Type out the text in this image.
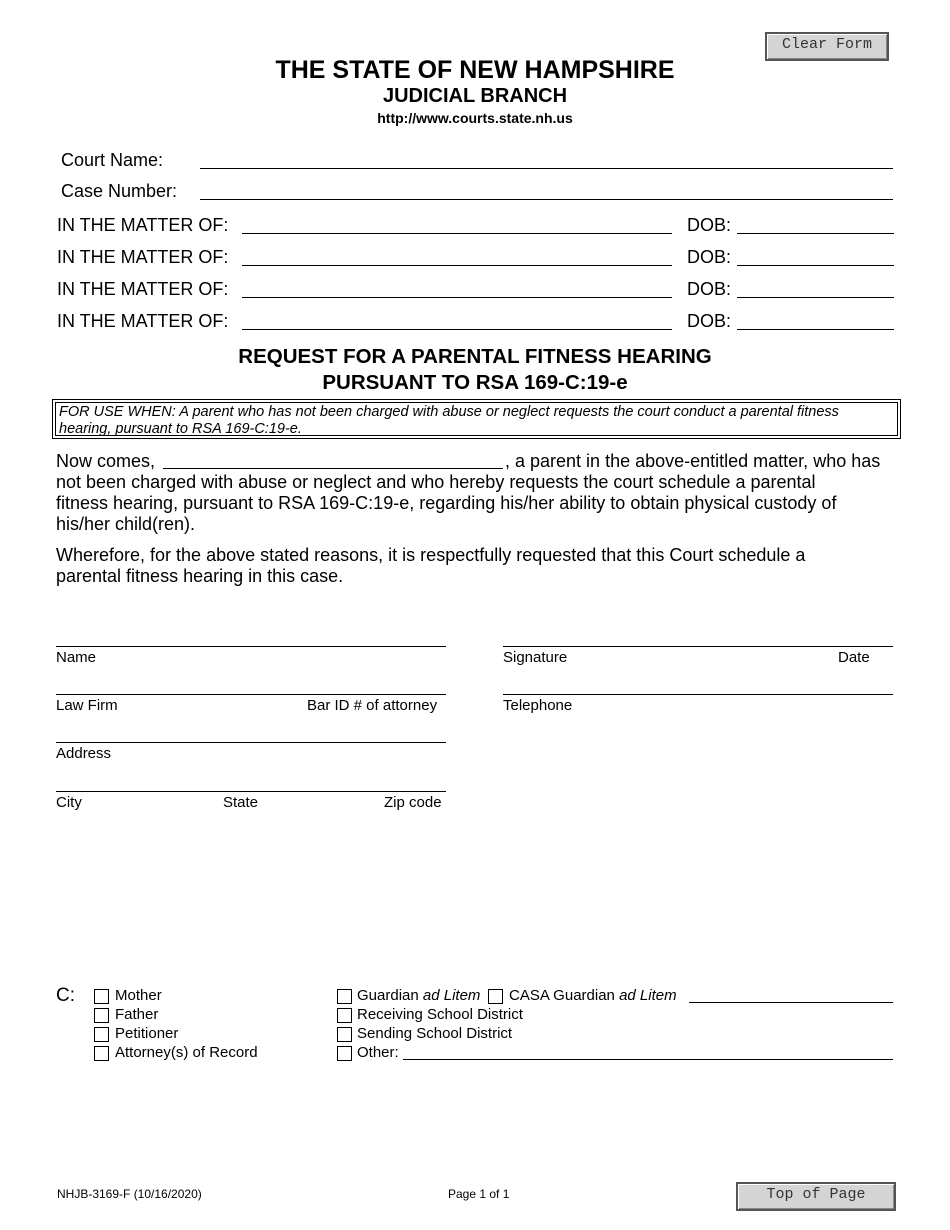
Clear Form
Top of Page
THE STATE OF NEW HAMPSHIRE
JUDICIAL BRANCH
http://www.courts.state.nh.us
Court Name:
Case Number:
IN THE MATTER OF:	DOB:
IN THE MATTER OF:	DOB:
IN THE MATTER OF:	DOB:
IN THE MATTER OF:	DOB:
REQUEST FOR A PARENTAL FITNESS HEARING
PURSUANT TO RSA 169-C:19-e
FOR USE WHEN: A parent who has not been charged with abuse or neglect requests the court conduct a parental fitness hearing, pursuant to RSA 169-C:19-e.
Now comes,	, a parent in the above-entitled matter, who has
not been charged with abuse or neglect and who hereby requests the court schedule a parental
fitness hearing, pursuant to RSA 169-C:19-e, regarding his/her ability to obtain physical custody of
his/her child(ren).
Wherefore, for the above stated reasons, it is respectfully requested that this Court schedule a
parental fitness hearing in this case.
Name	Signature	Date
Law Firm	Bar ID # of attorney	Telephone
Address
City	State	Zip code
C:	Mother
Father
Petitioner
Attorney(s) of Record
Guardian ad Litem CASA Guardian ad Litem
Receiving School District
Sending School District
Other:
NHJB-3169-F (10/16/2020)	Page 1 of 1
